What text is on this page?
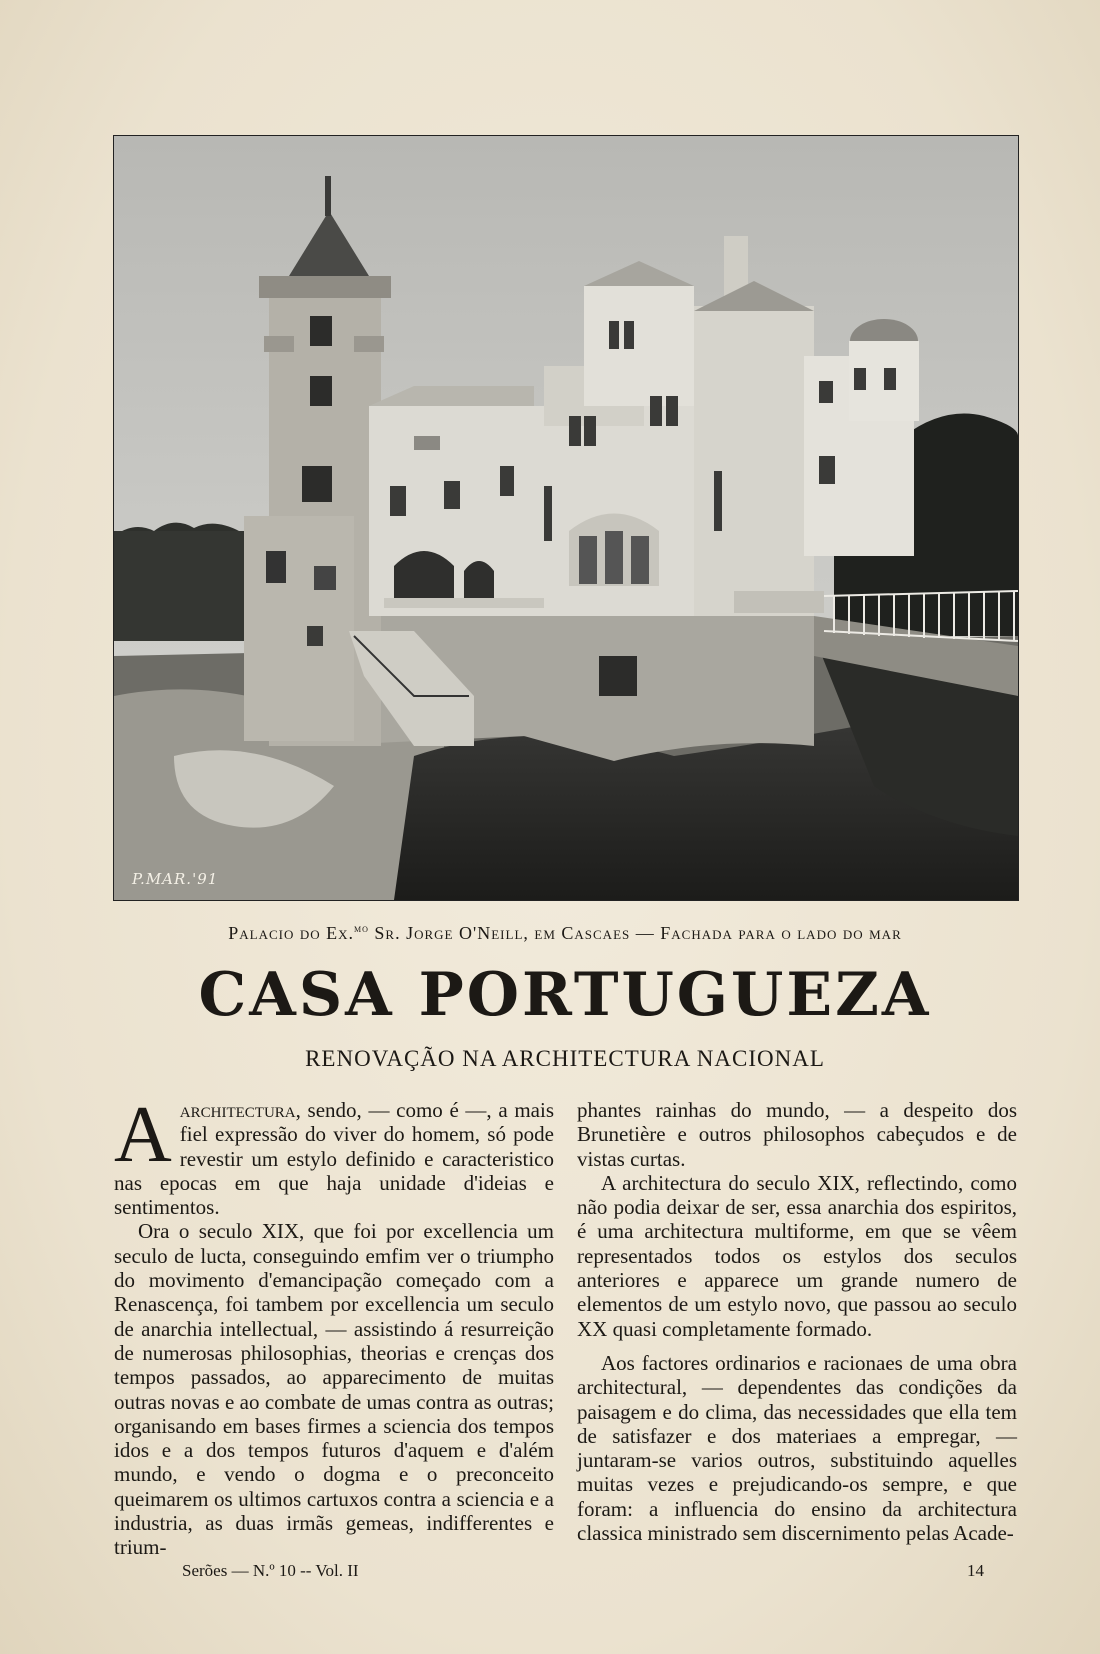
P.MAR.'91
Palacio do Ex.$^{mo}$ Sr. Jorge O'Neill, em Cascaes — Fachada para o lado do mar
CASA PORTUGUEZA
RENOVAÇÃO NA ARCHITECTURA NACIONAL

Aarchitectura, sendo, — como é —, a mais fiel expressão do viver do homem, só pode revestir um estylo definido e caracteristico nas epocas em que haja unidade d'ideias e sentimentos.

Ora o seculo XIX, que foi por excellencia um seculo de lucta, conseguindo emfim ver o triumpho do movimento d'emancipação começado com a Renascença, foi tambem por excellencia um seculo de anarchia intellectual, — assistindo á resurreição de numerosas philosophias, theorias e crenças dos tempos passados, ao apparecimento de muitas outras novas e ao combate de umas contra as outras; organisando em bases firmes a sciencia dos tempos idos e a dos tempos futuros d'aquem e d'além mundo, e vendo o dogma e o preconceito queimarem os ultimos cartuxos contra a sciencia e a industria, as duas irmãs gemeas, indifferentes e trium-

phantes rainhas do mundo, — a despeito dos Brunetière e outros philosophos cabeçudos e de vistas curtas.

A architectura do seculo XIX, reflectindo, como não podia deixar de ser, essa anarchia dos espiritos, é uma architectura multiforme, em que se vêem representados todos os estylos dos seculos anteriores e apparece um grande numero de elementos de um estylo novo, que passou ao seculo XX quasi completamente formado.

Aos factores ordinarios e racionaes de uma obra architectural, — dependentes das condições da paisagem e do clima, das necessidades que ella tem de satisfazer e dos materiaes a empregar, — juntaram-se varios outros, substituindo aquelles muitas vezes e prejudicando-os sempre, e que foram: a influencia do ensino da architectura classica ministrado sem discernimento pelas Acade-

Serões — N.º 10 -- Vol. II	14
